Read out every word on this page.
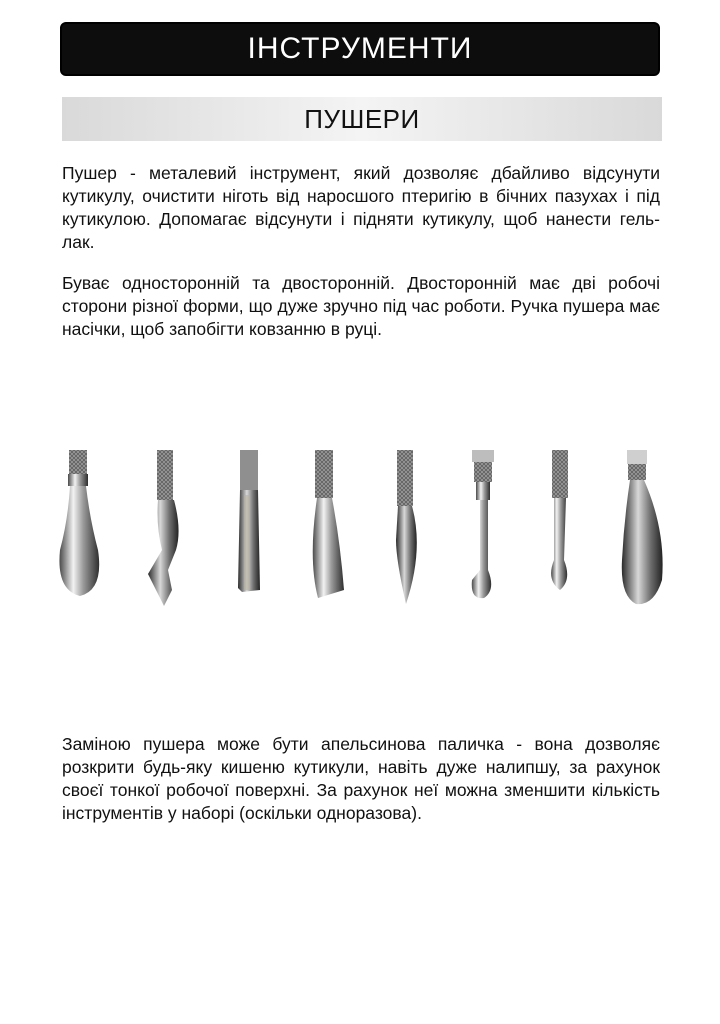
ІНСТРУМЕНТИ
ПУШЕРИ

Пушер - металевий інструмент, який дозволяє дбайливо відсунути кутикулу, очистити ніготь від наросшого птеригію в бічних пазухах і під кутикулою. Допомагає відсунути і підняти кутикулу, щоб нанести гель-лак.

Буває односторонній та двосторонній. Двосторонній має дві робочі сторони різної форми, що дуже зручно під час роботи. Ручка пушера має насічки, щоб запобігти ковзанню в руці.

Заміною пушера може бути апельсинова паличка - вона дозволяє розкрити будь-яку кишеню кутикули, навіть дуже налипшу, за рахунок своєї тонкої робочої поверхні. За рахунок неї можна зменшити кількість інструментів у наборі (оскільки одноразова).
